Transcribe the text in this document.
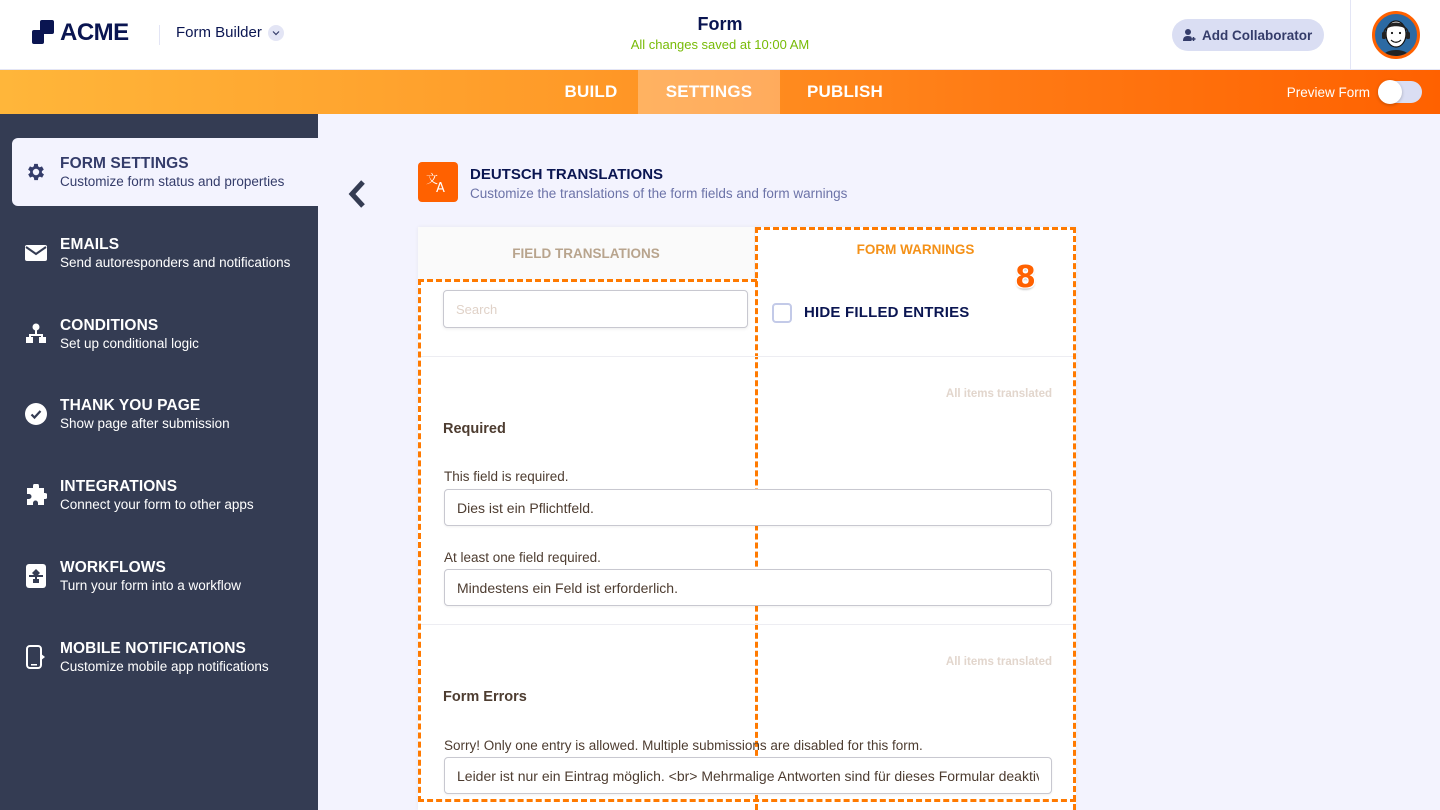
ACME	Form Builder	Form
All changes saved at 10:00 AM
Add Collaborator
BUILD	SETTINGS	PUBLISH	Preview Form
FORM SETTINGS
Customize form status and properties
EMAILS
Send autoresponders and notifications
CONDITIONS
Set up conditional logic
THANK YOU PAGE
Show page after submission
INTEGRATIONS
Connect your form to other apps
WORKFLOWS
Turn your form into a workflow
MOBILE NOTIFICATIONS
Customize mobile app notifications
文
A
DEUTSCH TRANSLATIONS
Customize the translations of the form fields and form warnings
FIELD TRANSLATIONS	FORM WARNINGS
8
Search
HIDE FILLED ENTRIES
All items translated
Required
This field is required.
Dies ist ein Pflichtfeld.
At least one field required.
Mindestens ein Feld ist erforderlich.
All items translated
Form Errors
Sorry! Only one entry is allowed. Multiple submissions are disabled for this form.
Leider ist nur ein Eintrag möglich. <br> Mehrmalige Antworten sind für dieses Formular deaktiviert.
